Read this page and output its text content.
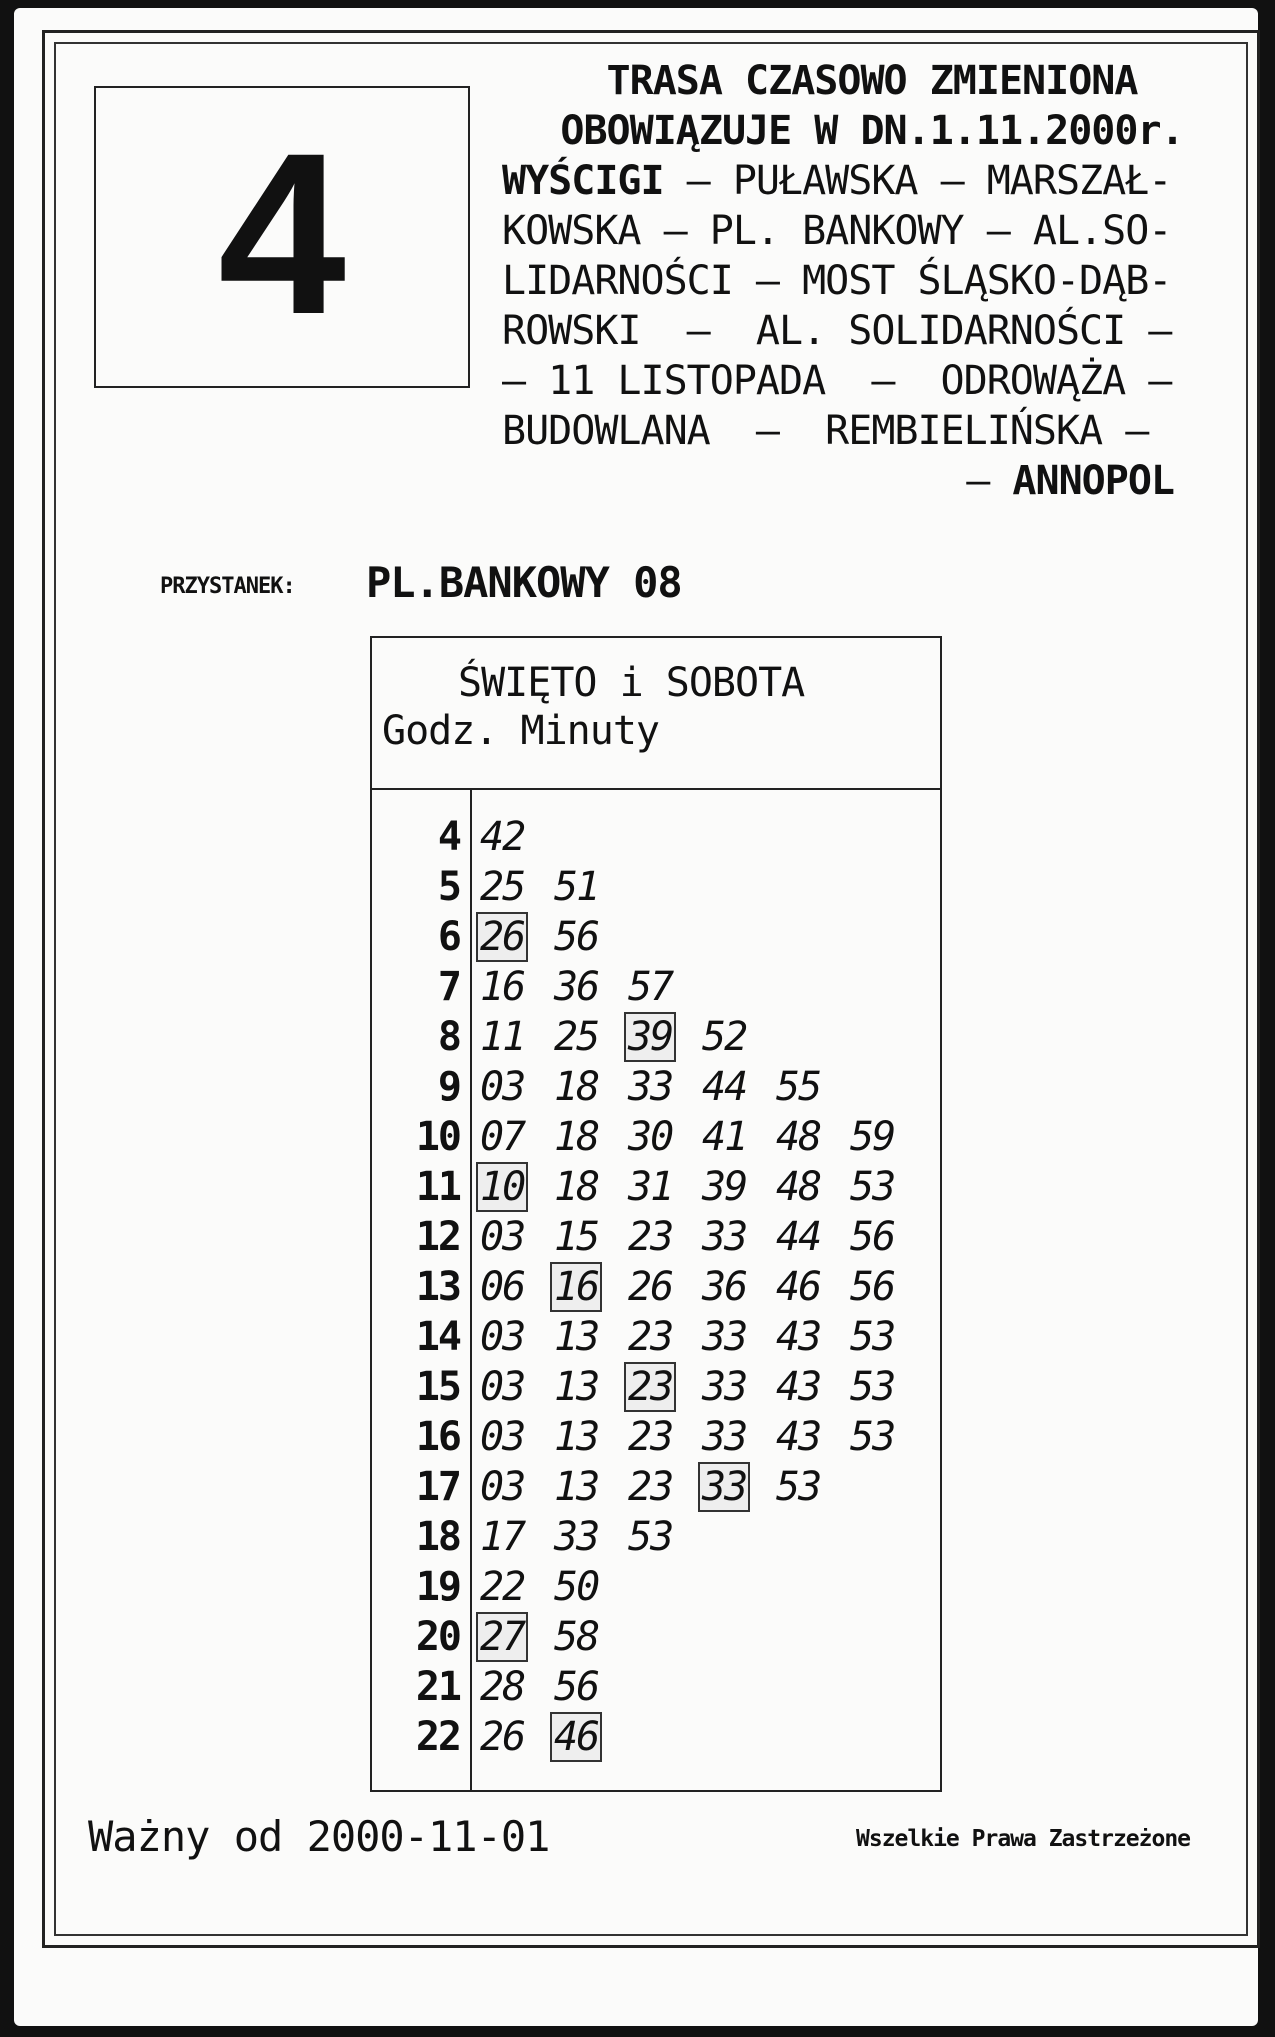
4
TRASA CZASOWO ZMIENIONA
OBOWIĄZUJE W DN.1.11.2000r.
WYŚCIGI – PUŁAWSKA – MARSZAŁ-
KOWSKA – PL. BANKOWY – AL.SO-
LIDARNOŚCI – MOST ŚLĄSKO-DĄB-
ROWSKI  –  AL. SOLIDARNOŚCI –
– 11 LISTOPADA  –  ODROWĄŻA –
BUDOWLANA  –  REMBIELIŃSKA –
– ANNOPOL
PRZYSTANEK: PL.BANKOWY 08
ŚWIĘTO i SOBOTA
Godz. Minuty
4 42
5 25 51
6 26 56
7 16 36 57
8 11 25 39 52
9 03 18 33 44 55
10 07 18 30 41 48 59
11 10 18 31 39 48 53
12 03 15 23 33 44 56
13 06 16 26 36 46 56
14 03 13 23 33 43 53
15 03 13 23 33 43 53
16 03 13 23 33 43 53
17 03 13 23 33 53
18 17 33 53
19 22 50
20 27 58
21 28 56
22 26 46
Ważny od 2000-11-01	Wszelkie Prawa Zastrzeżone
